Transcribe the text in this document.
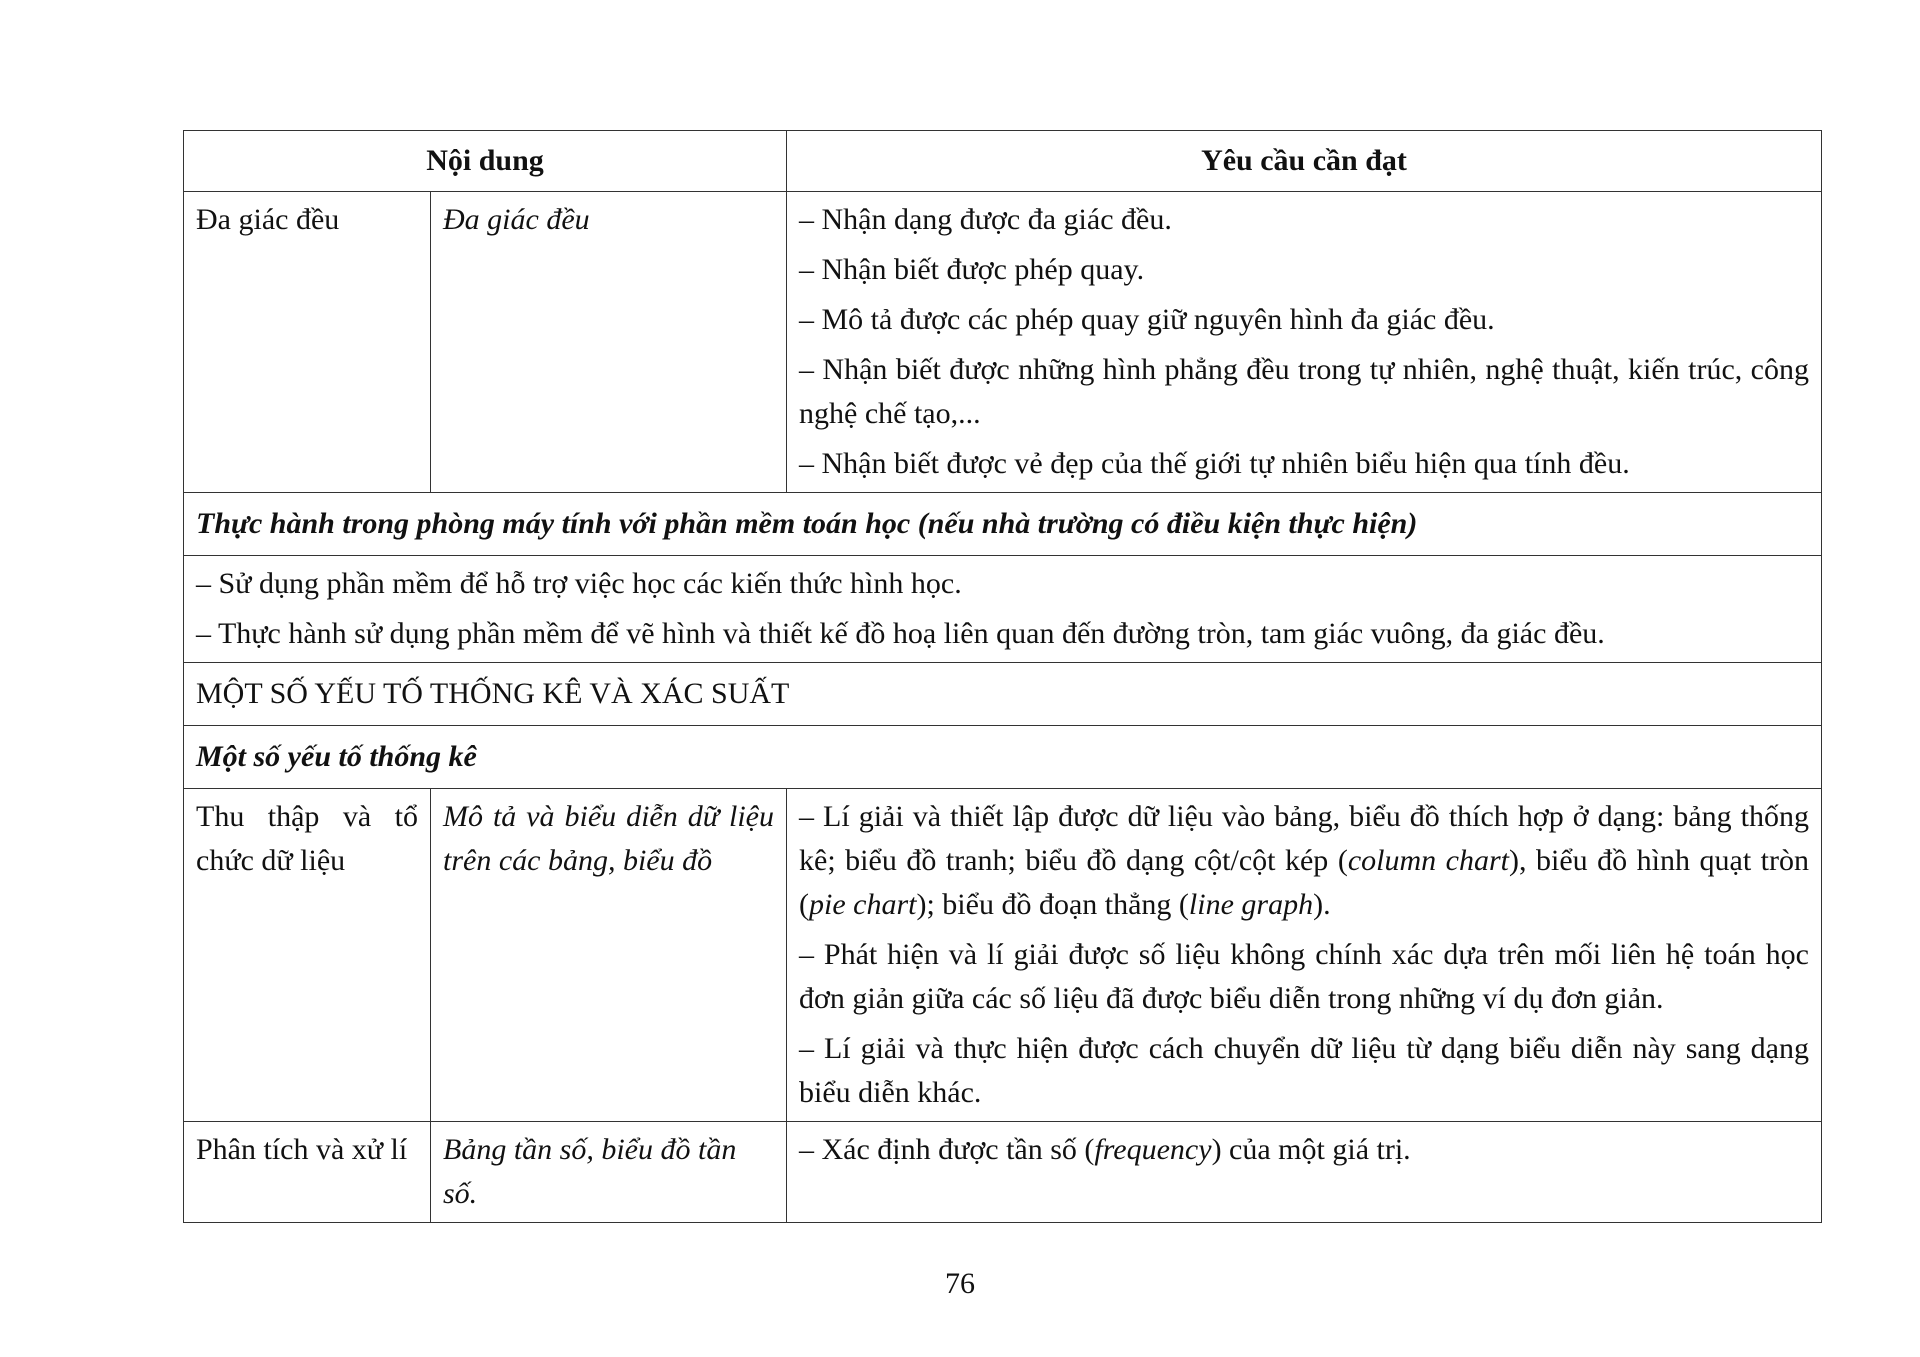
Nội dung		Yêu cầu cần đạt
Đa giác đều	Đa giác đều	– Nhận dạng được đa giác đều.

– Nhận biết được phép quay.

– Mô tả được các phép quay giữ nguyên hình đa giác đều.

– Nhận biết được những hình phẳng đều trong tự nhiên, nghệ thuật, kiến trúc, công nghệ chế tạo,...

– Nhận biết được vẻ đẹp của thế giới tự nhiên biểu hiện qua tính đều.

Thực hành trong phòng máy tính với phần mềm toán học (nếu nhà trường có điều kiện thực hiện)		

– Sử dụng phần mềm để hỗ trợ việc học các kiến thức hình học.

– Thực hành sử dụng phần mềm để vẽ hình và thiết kế đồ hoạ liên quan đến đường tròn, tam giác vuông, đa giác đều.		

MỘT SỐ YẾU TỐ THỐNG KÊ VÀ XÁC SUẤT		
Một số yếu tố thống kê		
Thu thập và tổ chức dữ liệu	Mô tả và biểu diễn dữ liệu trên các bảng, biểu đồ	– Lí giải và thiết lập được dữ liệu vào bảng, biểu đồ thích hợp ở dạng: bảng thống kê; biểu đồ tranh; biểu đồ dạng cột/cột kép (column chart), biểu đồ hình quạt tròn (pie chart); biểu đồ đoạn thẳng (line graph).

– Phát hiện và lí giải được số liệu không chính xác dựa trên mối liên hệ toán học đơn giản giữa các số liệu đã được biểu diễn trong những ví dụ đơn giản.

– Lí giải và thực hiện được cách chuyển dữ liệu từ dạng biểu diễn này sang dạng biểu diễn khác.

Phân tích và xử lí	Bảng tần số, biểu đồ tần số.	– Xác định được tần số (frequency) của một giá trị.

76
